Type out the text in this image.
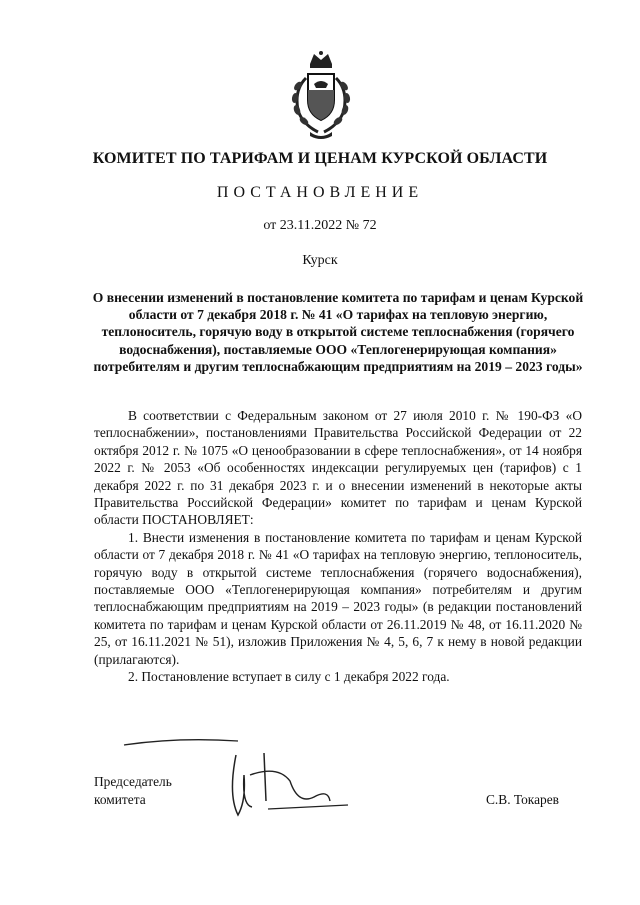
КОМИТЕТ ПО ТАРИФАМ И ЦЕНАМ КУРСКОЙ ОБЛАСТИ
ПОСТАНОВЛЕНИЕ
от 23.11.2022 № 72
Курск
О внесении изменений в постановление комитета по тарифам и ценам Курской области от 7 декабря 2018 г. № 41 «О тарифах на тепловую энергию, теплоноситель, горячую воду в открытой системе теплоснабжения (горячего водоснабжения), поставляемые ООО «Теплогенерирующая компания» потребителям и другим теплоснабжающим предприятиям на 2019 – 2023 годы»

В соответствии с Федеральным законом от 27 июля 2010 г. № 190-ФЗ «О теплоснабжении», постановлениями Правительства Российской Федерации от 22 октября 2012 г. № 1075 «О ценообразовании в сфере теплоснабжения», от 14 ноября 2022 г. № 2053 «Об особенностях индексации регулируемых цен (тарифов) с 1 декабря 2022 г. по 31 декабря 2023 г. и о внесении изменений в некоторые акты Правительства Российской Федерации» комитет по тарифам и ценам Курской области ПОСТАНОВЛЯЕТ:

1. Внести изменения в постановление комитета по тарифам и ценам Курской области от 7 декабря 2018 г. № 41 «О тарифах на тепловую энергию, теплоноситель, горячую воду в открытой системе теплоснабжения (горячего водоснабжения), поставляемые ООО «Теплогенерирующая компания» потребителям и другим теплоснабжающим предприятиям на 2019 – 2023 годы» (в редакции постановлений комитета по тарифам и ценам Курской области от 26.11.2019 № 48, от 16.11.2020 № 25, от 16.11.2021 № 51), изложив Приложения № 4, 5, 6, 7 к нему в новой редакции (прилагаются).

2. Постановление вступает в силу с 1 декабря 2022 года.

Председатель
комитета	С.В. Токарев
